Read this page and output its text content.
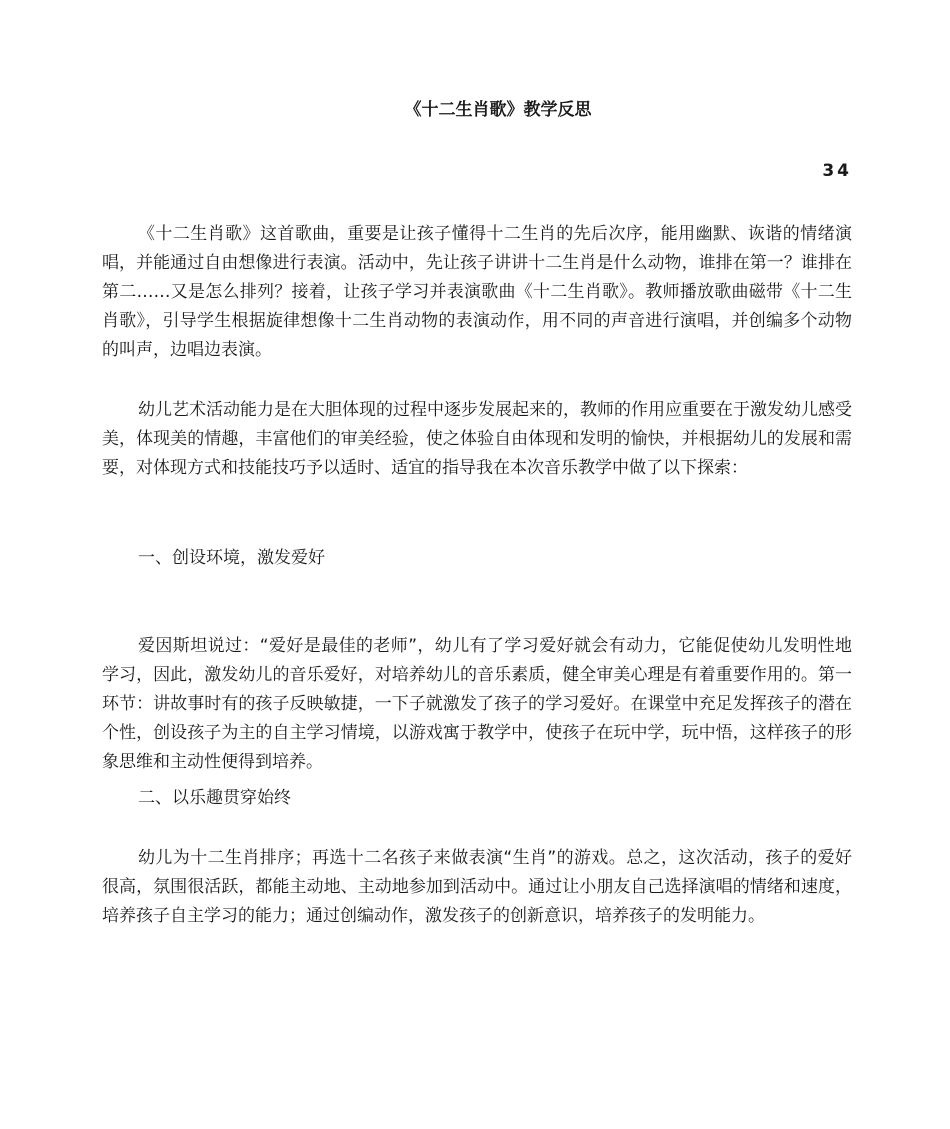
《十二生肖歌》教学反思
34

《十二生肖歌》这首歌曲，重要是让孩子懂得十二生肖的先后次序，能用幽默、诙谐的情绪演唱，并能通过自由想像进行表演。活动中，先让孩子讲讲十二生肖是什么动物，谁排在第一？谁排在第二……又是怎么排列？接着，让孩子学习并表演歌曲《十二生肖歌》。教师播放歌曲磁带《十二生肖歌》，引导学生根据旋律想像十二生肖动物的表演动作，用不同的声音进行演唱，并创编多个动物的叫声，边唱边表演。

幼儿艺术活动能力是在大胆体现的过程中逐步发展起来的，教师的作用应重要在于激发幼儿感受美，体现美的情趣，丰富他们的审美经验，使之体验自由体现和发明的愉快，并根据幼儿的发展和需要，对体现方式和技能技巧予以适时、适宜的指导我在本次音乐教学中做了以下探索：

一、创设环境，激发爱好

爱因斯坦说过：“爱好是最佳的老师”，幼儿有了学习爱好就会有动力，它能促使幼儿发明性地学习，因此，激发幼儿的音乐爱好，对培养幼儿的音乐素质，健全审美心理是有着重要作用的。第一环节：讲故事时有的孩子反映敏捷，一下子就激发了孩子的学习爱好。在课堂中充足发挥孩子的潜在个性，创设孩子为主的自主学习情境，以游戏寓于教学中，使孩子在玩中学，玩中悟，这样孩子的形象思维和主动性便得到培养。

二、以乐趣贯穿始终

幼儿为十二生肖排序；再选十二名孩子来做表演“生肖”的游戏。总之，这次活动，孩子的爱好很高，氛围很活跃，都能主动地、主动地参加到活动中。通过让小朋友自己选择演唱的情绪和速度，培养孩子自主学习的能力；通过创编动作，激发孩子的创新意识，培养孩子的发明能力。
